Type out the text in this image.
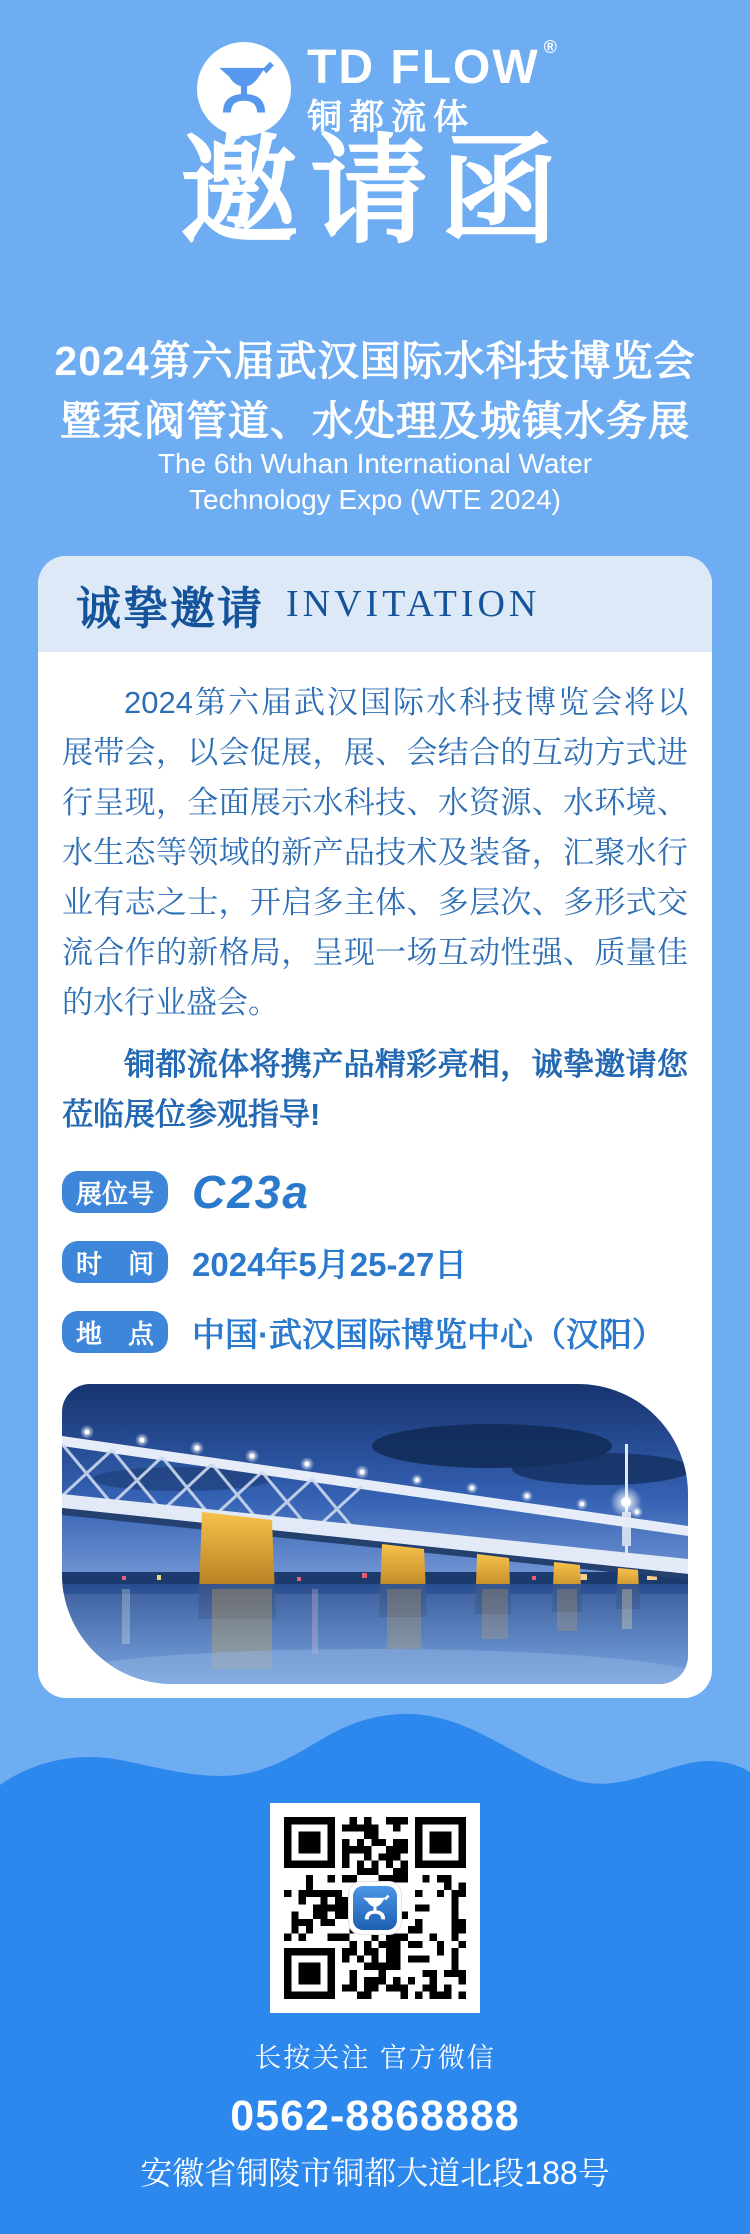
TD FLOW ®
铜都流体
邀请函
2024第六届武汉国际水科技博览会
暨泵阀管道、水处理及城镇水务展
The 6th Wuhan International Water
Technology Expo (WTE 2024)
诚挚邀请 INVITATION

2024第六届武汉国际水科技博览会将以展带会，以会促展，展、会结合的互动方式进行呈现，全面展示水科技、水资源、水环境、水生态等领域的新产品技术及装备，汇聚水行业有志之士，开启多主体、多层次、多形式交流合作的新格局，呈现一场互动性强、质量佳的水行业盛会。

铜都流体将携产品精彩亮相，诚挚邀请您莅临展位参观指导!

展位号 C23a
时　间	2024年5月25-27日
地　点	中国·武汉国际博览中心（汉阳）
长按关注 官方微信
0562-8868888
安徽省铜陵市铜都大道北段188号
